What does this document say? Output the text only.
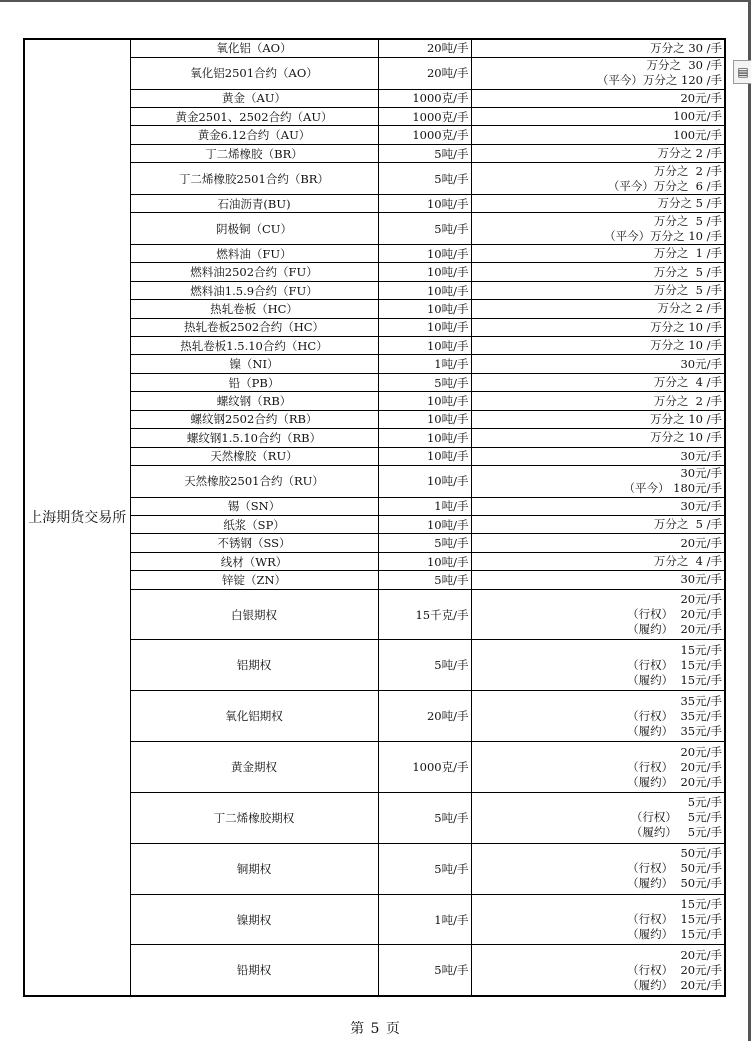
▤
上海期货交易所	氧化铝（AO）	20吨/手	万分之 30 /手

	氧化铝2501合约（AO）	20吨/手	万分之  30 /手
（平今）万分之 120 /手

	黄金（AU）	1000克/手	20元/手

	黄金2501、2502合约（AU）	1000克/手	100元/手

	黄金6.12合约（AU）	1000克/手	100元/手

	丁二烯橡胶（BR）	5吨/手	万分之 2 /手

	丁二烯橡胶2501合约（BR）	5吨/手	万分之  2 /手
（平今）万分之  6 /手

	石油沥青(BU)	10吨/手	万分之 5 /手

	阴极铜（CU）	5吨/手	万分之  5 /手
（平今）万分之 10 /手

	燃料油（FU）	10吨/手	万分之  1 /手

	燃料油2502合约（FU）	10吨/手	万分之  5 /手

	燃料油1.5.9合约（FU）	10吨/手	万分之  5 /手

	热轧卷板（HC）	10吨/手	万分之 2 /手

	热轧卷板2502合约（HC）	10吨/手	万分之 10 /手

	热轧卷板1.5.10合约（HC）	10吨/手	万分之 10 /手

	镍（NI）	1吨/手	30元/手

	铅（PB）	5吨/手	万分之  4 /手

	螺纹钢（RB）	10吨/手	万分之  2 /手

	螺纹钢2502合约（RB）	10吨/手	万分之 10 /手

	螺纹钢1.5.10合约（RB）	10吨/手	万分之 10 /手

	天然橡胶（RU）	10吨/手	30元/手

	天然橡胶2501合约（RU）	10吨/手	30元/手
（平今） 180元/手

	锡（SN）	1吨/手	30元/手

	纸浆（SP）	10吨/手	万分之  5 /手

	不锈钢（SS）	5吨/手	20元/手

	线材（WR）	10吨/手	万分之  4 /手

	锌锭（ZN）	5吨/手	30元/手

	白银期权	15千克/手	20元/手
（行权）  20元/手
（履约）  20元/手

	铝期权	5吨/手	15元/手
（行权）  15元/手
（履约）  15元/手

	氧化铝期权	20吨/手	35元/手
（行权）  35元/手
（履约）  35元/手

	黄金期权	1000克/手	20元/手
（行权）  20元/手
（履约）  20元/手

	丁二烯橡胶期权	5吨/手	5元/手
（行权）   5元/手
（履约）   5元/手

	铜期权	5吨/手	50元/手
（行权）  50元/手
（履约）  50元/手

	镍期权	1吨/手	15元/手
（行权）  15元/手
（履约）  15元/手

	铅期权	5吨/手	20元/手
（行权）  20元/手
（履约）  20元/手
第 5 页
